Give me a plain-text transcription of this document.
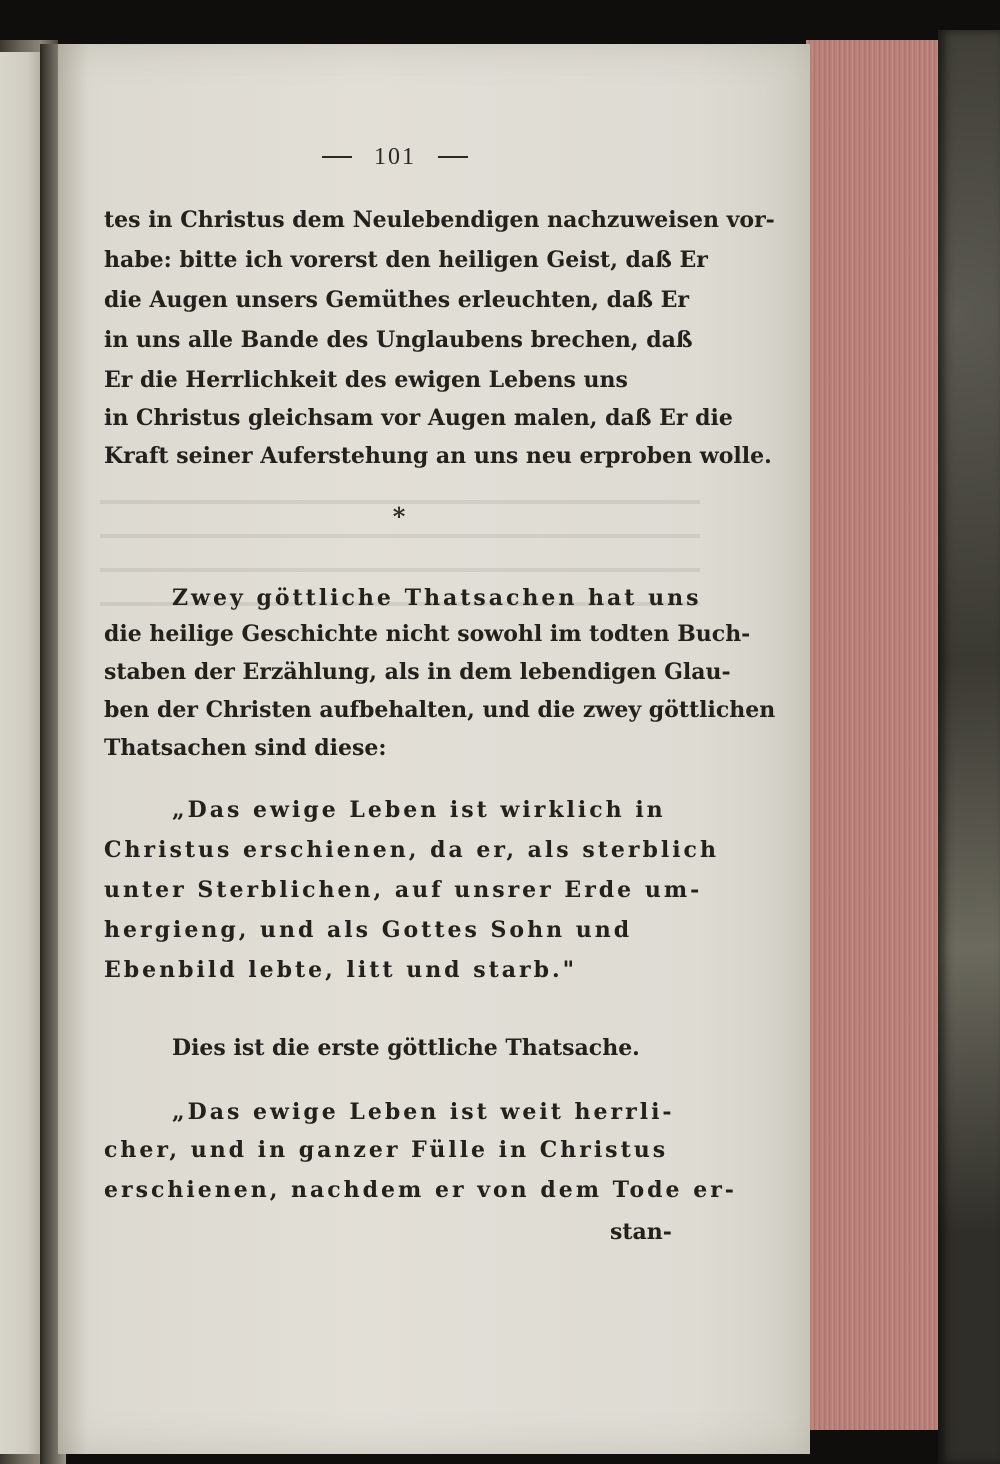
101
tes in Christus dem Neulebendigen nachzuweisen vor-
habe: bitte ich vorerst den heiligen Geist, daß Er
die Augen unsers Gemüthes erleuchten, daß Er
in uns alle Bande des Unglaubens brechen, daß
Er die Herrlichkeit des ewigen Lebens uns
in Christus gleichsam vor Augen malen, daß Er die
Kraft seiner Auferstehung an uns neu erproben wolle.
*
Zwey göttliche Thatsachen hat uns
die heilige Geschichte nicht sowohl im todten Buch-
staben der Erzählung, als in dem lebendigen Glau-
ben der Christen aufbehalten, und die zwey göttlichen
Thatsachen sind diese:
„Das ewige Leben ist wirklich in
Christus erschienen, da er, als sterblich
unter Sterblichen, auf unsrer Erde um-
hergieng, und als Gottes Sohn und
Ebenbild lebte, litt und starb."
Dies ist die erste göttliche Thatsache.
„Das ewige Leben ist weit herrli-
cher, und in ganzer Fülle in Christus
erschienen, nachdem er von dem Tode er-
stan-
